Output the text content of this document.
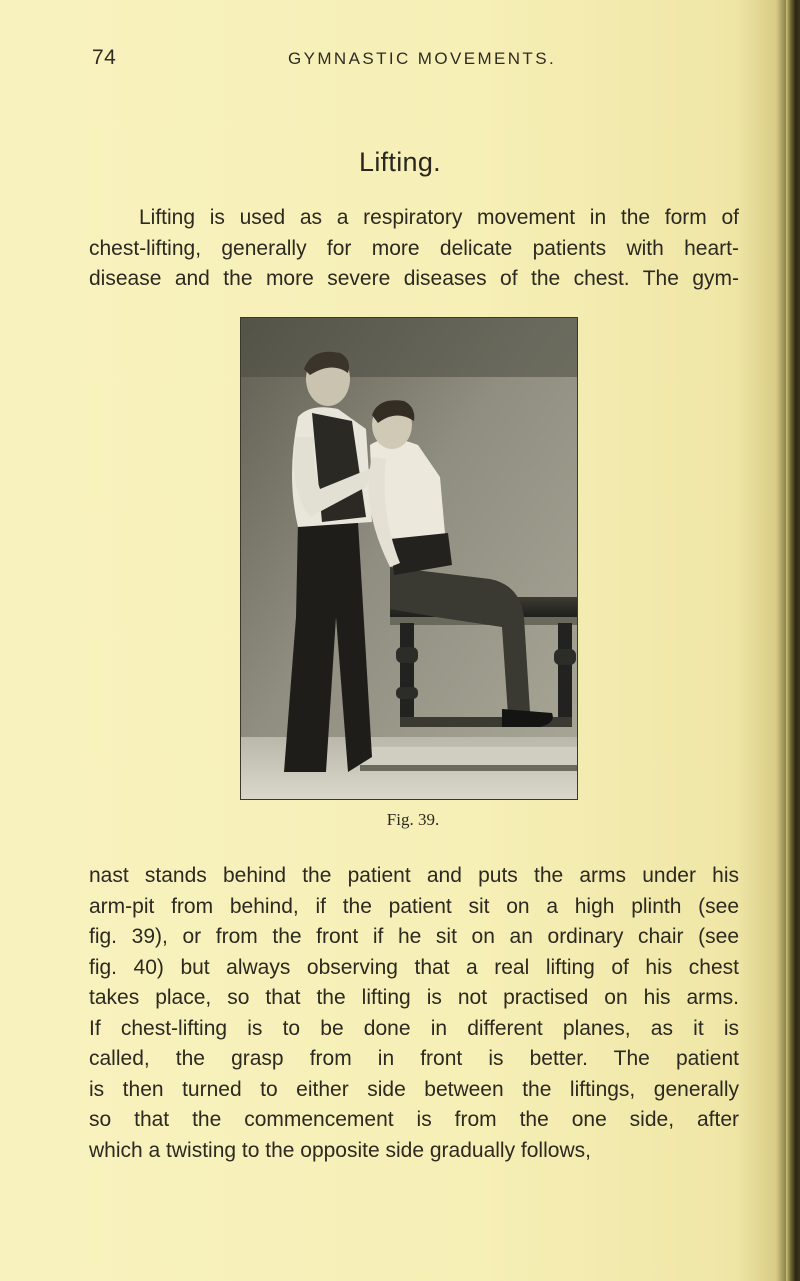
74	GYMNASTIC MOVEMENTS.
Lifting.

Lifting is used as a respiratory movement in the form of
chest-lifting, generally for more delicate patients with heart-
disease and the more severe diseases of the chest. The gym-

Fig. 39.

nast stands behind the patient and puts the arms under his
arm-pit from behind, if the patient sit on a high plinth (see
fig. 39), or from the front if he sit on an ordinary chair (see
fig. 40) but always observing that a real lifting of his chest
takes place, so that the lifting is not practised on his arms.
If chest-lifting is to be done in different planes, as it is
called, the grasp from in front is better. The patient
is then turned to either side between the liftings, generally
so that the commencement is from the one side, after
which a twisting to the opposite side gradually follows,
